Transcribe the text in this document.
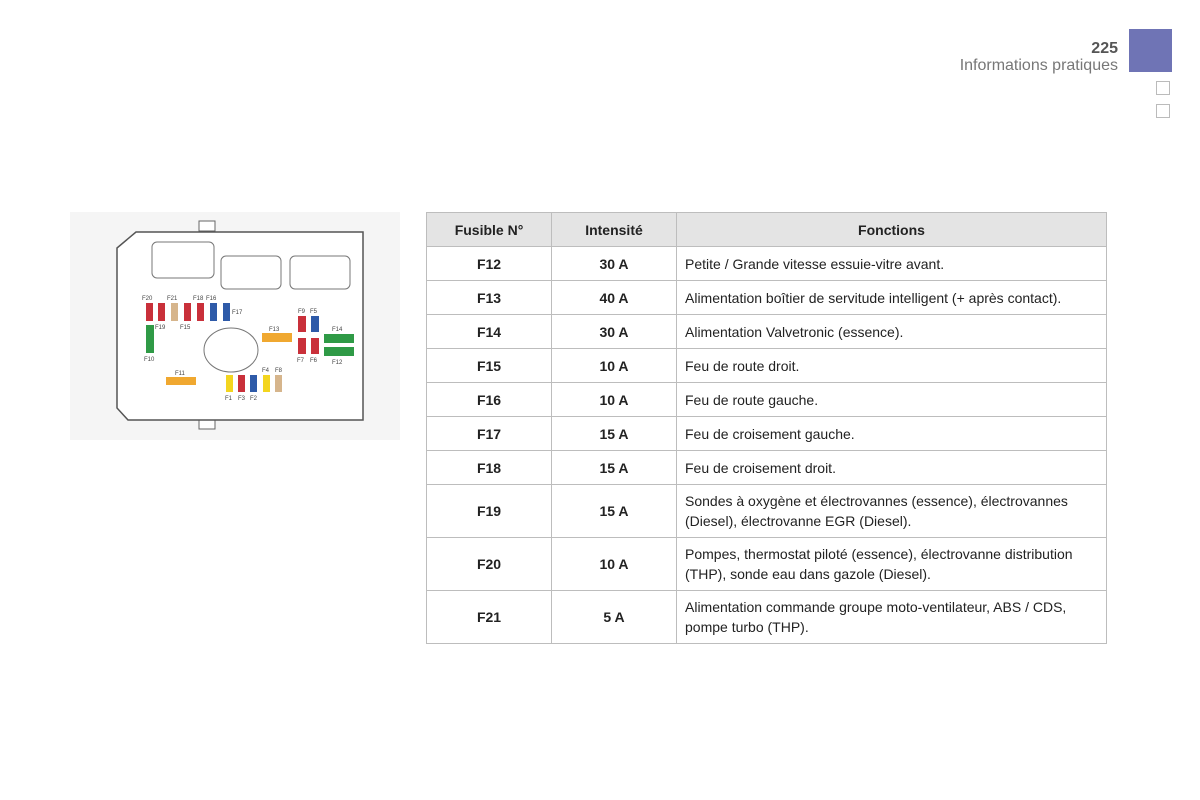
225
Informations pratiques
F20 F21	F18 F16
F19 F15
F17
F13
F9 F5
F14
F10	F7 F6 F12
F11	F4 F8
F1 F3 F2
Fusible N°	Intensité	Fonctions
F12	30 A	Petite / Grande vitesse essuie-vitre avant.
F13	40 A	Alimentation boîtier de servitude intelligent (+ après contact).
F14	30 A	Alimentation Valvetronic (essence).
F15	10 A	Feu de route droit.
F16	10 A	Feu de route gauche.
F17	15 A	Feu de croisement gauche.
F18	15 A	Feu de croisement droit.
F19	15 A	Sondes à oxygène et électrovannes (essence), électrovannes (Diesel), électrovanne EGR (Diesel).
F20	10 A	Pompes, thermostat piloté (essence), électrovanne distribution (THP), sonde eau dans gazole (Diesel).
F21	5 A	Alimentation commande groupe moto-ventilateur, ABS / CDS, pompe turbo (THP).
